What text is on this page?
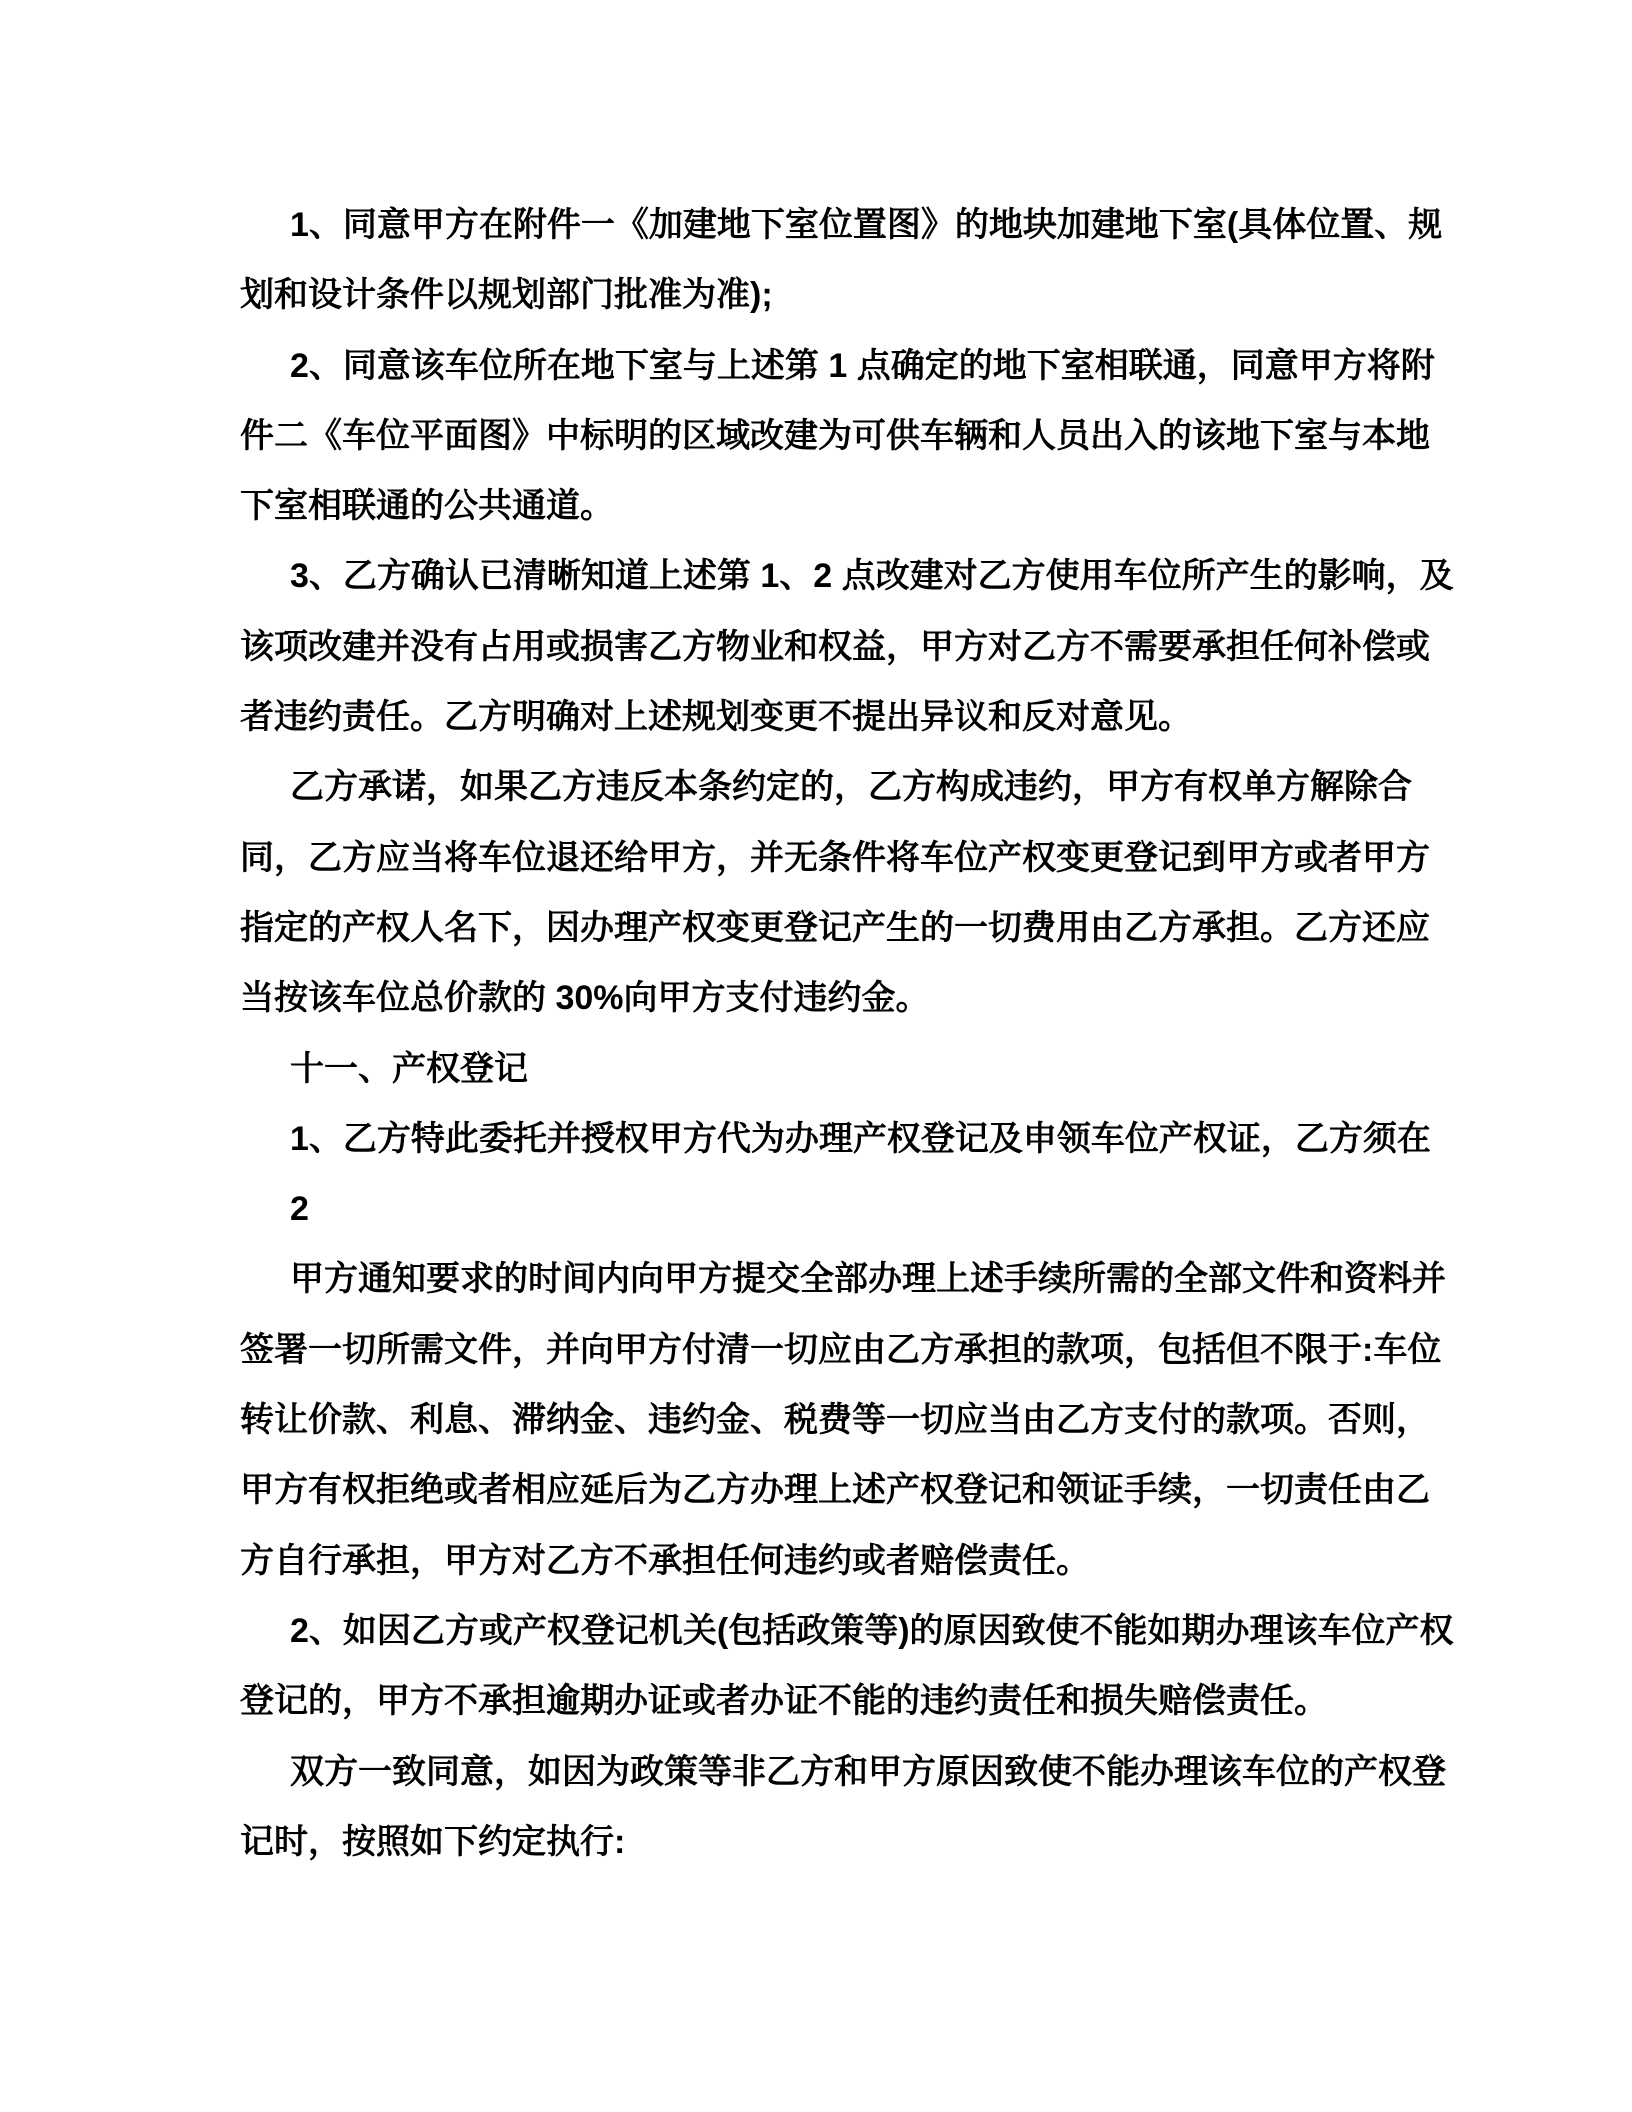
1、同意甲方在附件一《加建地下室位置图》的地块加建地下室(具体位置、规
划和设计条件以规划部门批准为准);
2、同意该车位所在地下室与上述第 1 点确定的地下室相联通，同意甲方将附
件二《车位平面图》中标明的区域改建为可供车辆和人员出入的该地下室与本地
下室相联通的公共通道。
3、乙方确认已清晰知道上述第 1、2 点改建对乙方使用车位所产生的影响，及
该项改建并没有占用或损害乙方物业和权益，甲方对乙方不需要承担任何补偿或
者违约责任。乙方明确对上述规划变更不提出异议和反对意见。
乙方承诺，如果乙方违反本条约定的，乙方构成违约，甲方有权单方解除合
同，乙方应当将车位退还给甲方，并无条件将车位产权变更登记到甲方或者甲方
指定的产权人名下，因办理产权变更登记产生的一切费用由乙方承担。乙方还应
当按该车位总价款的 30%向甲方支付违约金。
十一、产权登记
1、乙方特此委托并授权甲方代为办理产权登记及申领车位产权证，乙方须在
2
甲方通知要求的时间内向甲方提交全部办理上述手续所需的全部文件和资料并
签署一切所需文件，并向甲方付清一切应由乙方承担的款项，包括但不限于:车位
转让价款、利息、滞纳金、违约金、税费等一切应当由乙方支付的款项。否则，
甲方有权拒绝或者相应延后为乙方办理上述产权登记和领证手续，一切责任由乙
方自行承担，甲方对乙方不承担任何违约或者赔偿责任。
2、如因乙方或产权登记机关(包括政策等)的原因致使不能如期办理该车位产权
登记的，甲方不承担逾期办证或者办证不能的违约责任和损失赔偿责任。
双方一致同意，如因为政策等非乙方和甲方原因致使不能办理该车位的产权登
记时，按照如下约定执行:
